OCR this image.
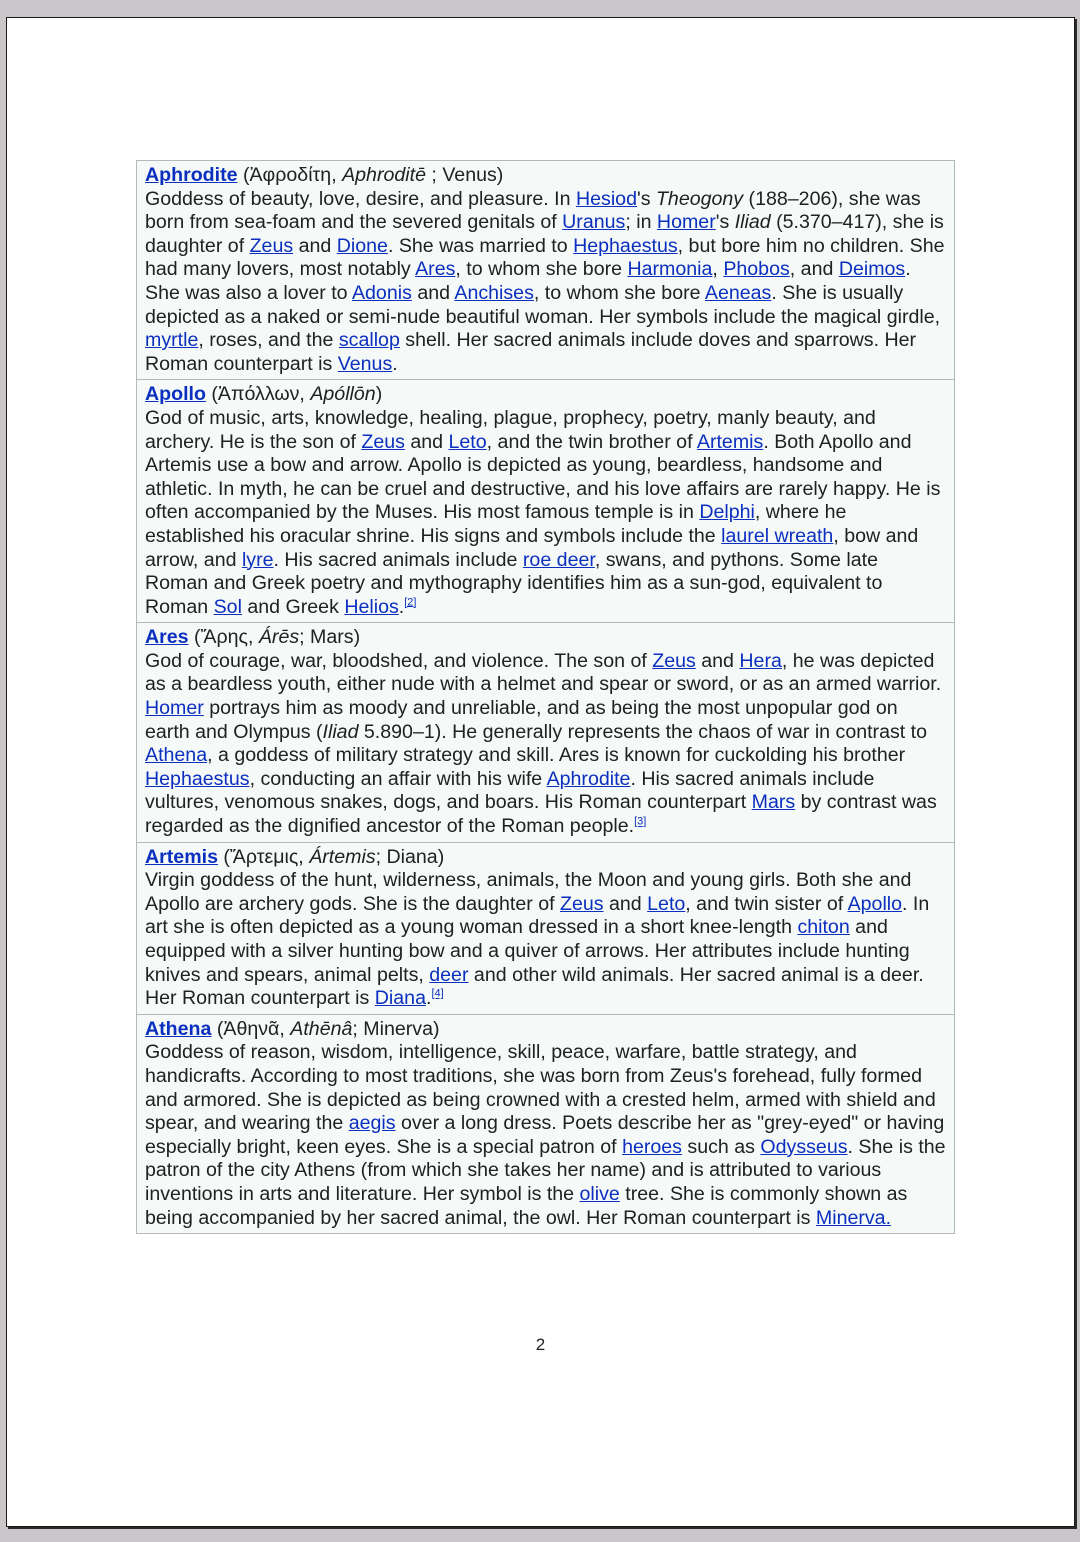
Aphrodite (Ἀφροδίτη, Aphroditē ; Venus)
Goddess of beauty, love, desire, and pleasure. In Hesiod's Theogony (188–206), she was born from sea-foam and the severed genitals of Uranus; in Homer's Iliad (5.370–417), she is daughter of Zeus and Dione. She was married to Hephaestus, but bore him no children. She had many lovers, most notably Ares, to whom she bore Harmonia, Phobos, and Deimos. She was also a lover to Adonis and Anchises, to whom she bore Aeneas. She is usually depicted as a naked or semi-nude beautiful woman. Her symbols include the magical girdle, myrtle, roses, and the scallop shell. Her sacred animals include doves and sparrows. Her Roman counterpart is Venus.
Apollo (Ἀπόλλων, Apóllōn)
God of music, arts, knowledge, healing, plague, prophecy, poetry, manly beauty, and archery. He is the son of Zeus and Leto, and the twin brother of Artemis. Both Apollo and Artemis use a bow and arrow. Apollo is depicted as young, beardless, handsome and athletic. In myth, he can be cruel and destructive, and his love affairs are rarely happy. He is often accompanied by the Muses. His most famous temple is in Delphi, where he established his oracular shrine. His signs and symbols include the laurel wreath, bow and arrow, and lyre. His sacred animals include roe deer, swans, and pythons. Some late Roman and Greek poetry and mythography identifies him as a sun-god, equivalent to Roman Sol and Greek Helios.[2]
Ares (Ἄρης, Árēs; Mars)
God of courage, war, bloodshed, and violence. The son of Zeus and Hera, he was depicted as a beardless youth, either nude with a helmet and spear or sword, or as an armed warrior. Homer portrays him as moody and unreliable, and as being the most unpopular god on earth and Olympus (Iliad 5.890–1). He generally represents the chaos of war in contrast to Athena, a goddess of military strategy and skill. Ares is known for cuckolding his brother Hephaestus, conducting an affair with his wife Aphrodite. His sacred animals include vultures, venomous snakes, dogs, and boars. His Roman counterpart Mars by contrast was regarded as the dignified ancestor of the Roman people.[3]
Artemis (Ἄρτεμις, Ártemis; Diana)
Virgin goddess of the hunt, wilderness, animals, the Moon and young girls. Both she and Apollo are archery gods. She is the daughter of Zeus and Leto, and twin sister of Apollo. In art she is often depicted as a young woman dressed in a short knee-length chiton and equipped with a silver hunting bow and a quiver of arrows. Her attributes include hunting knives and spears, animal pelts, deer and other wild animals. Her sacred animal is a deer. Her Roman counterpart is Diana.[4]
Athena (Ἀθηνᾶ, Athēnâ; Minerva)
Goddess of reason, wisdom, intelligence, skill, peace, warfare, battle strategy, and handicrafts. According to most traditions, she was born from Zeus's forehead, fully formed and armored. She is depicted as being crowned with a crested helm, armed with shield and spear, and wearing the aegis over a long dress. Poets describe her as "grey-eyed" or having especially bright, keen eyes. She is a special patron of heroes such as Odysseus. She is the patron of the city Athens (from which she takes her name) and is attributed to various inventions in arts and literature. Her symbol is the olive tree. She is commonly shown as being accompanied by her sacred animal, the owl. Her Roman counterpart is Minerva.
2
